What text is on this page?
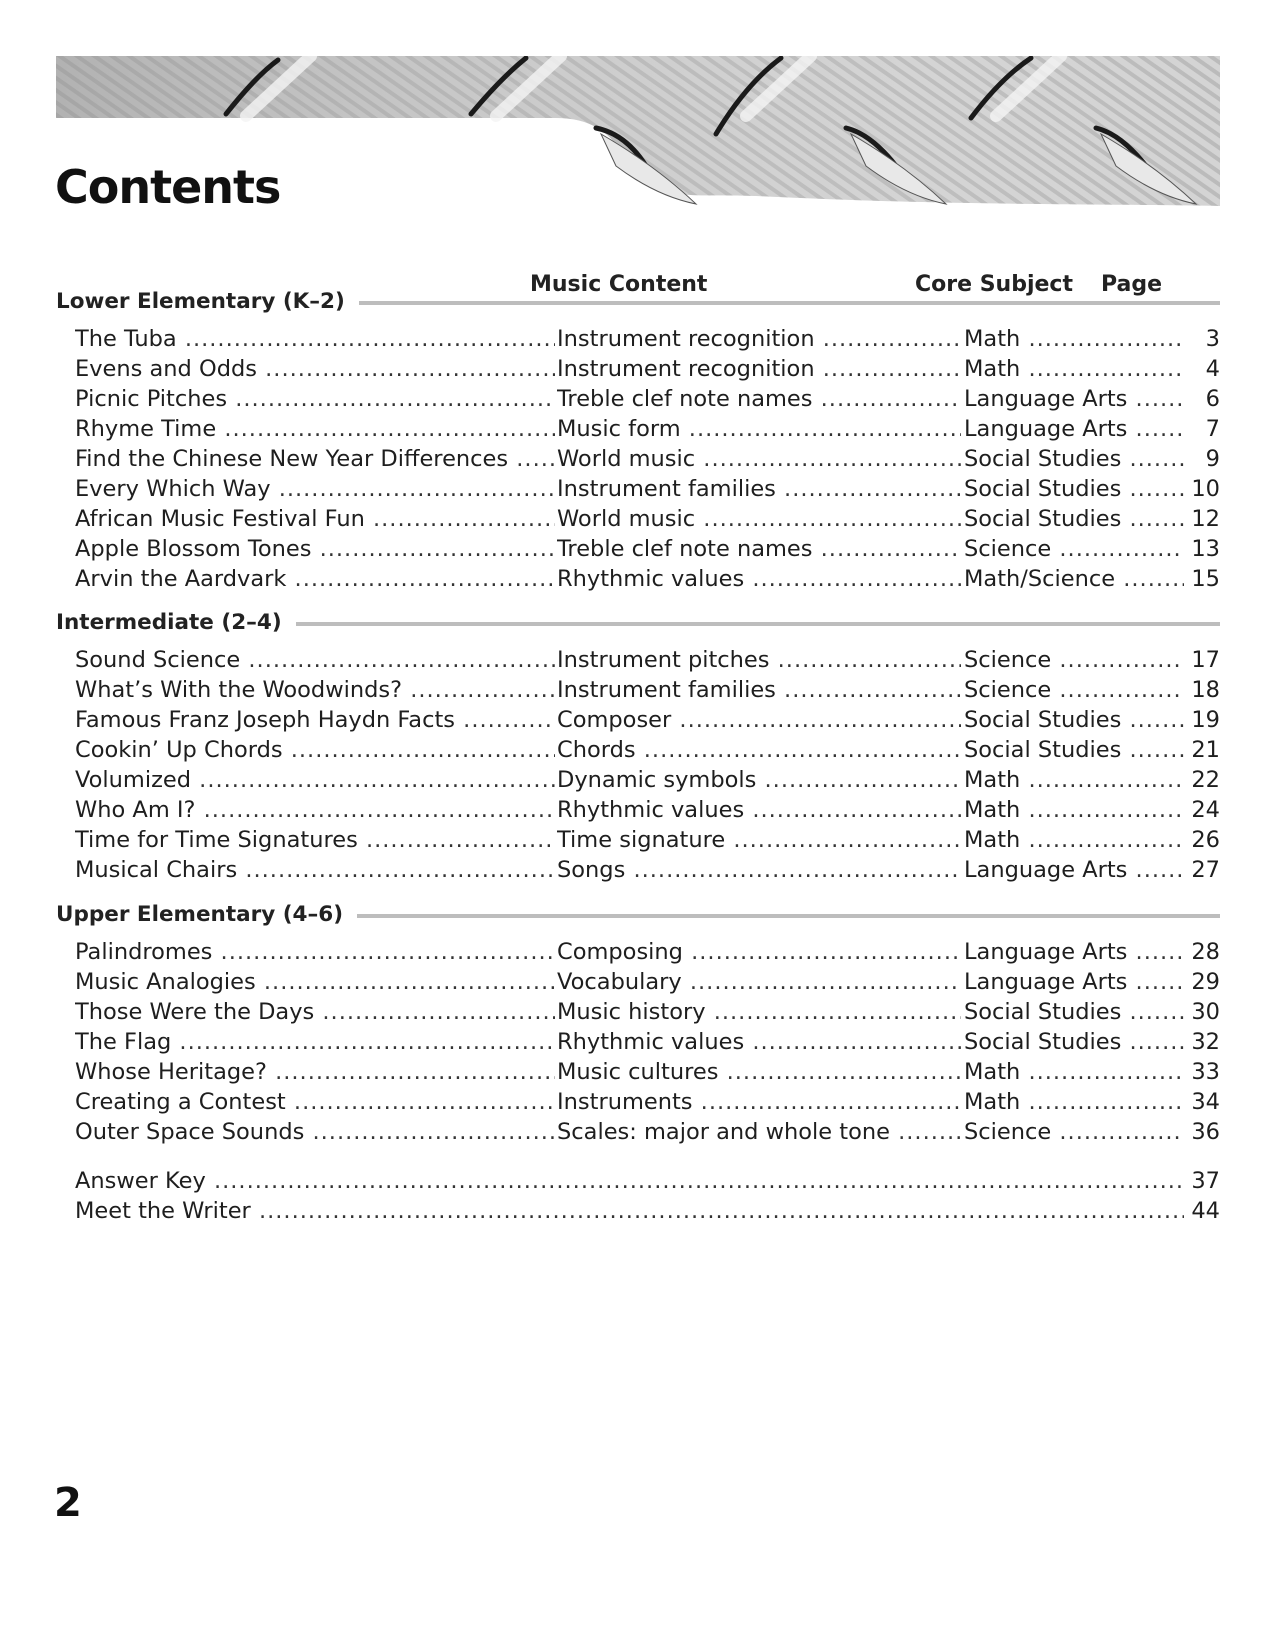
Contents
Music Content	Core Subject Page
Lower Elementary (K–2)
The Tuba .....	Instrument recognition .....	Math .....	3
Evens and Odds .....	Instrument recognition .....	Math .....	4
Picnic Pitches .....	Treble clef note names .....	Language Arts .....	6
Rhyme Time .....	Music form .....	Language Arts .....	7
Find the Chinese New Year Differences .....	World music .....	Social Studies .....	9
Every Which Way .....	Instrument families .....	Social Studies .....	10
African Music Festival Fun .....	World music .....	Social Studies .....	12
Apple Blossom Tones .....	Treble clef note names .....	Science .....	13
Arvin the Aardvark .....	Rhythmic values .....	Math/Science .....	15
Intermediate (2–4)
Sound Science .....	Instrument pitches .....	Science .....	17
What’s With the Woodwinds? .....	Instrument families .....	Science .....	18
Famous Franz Joseph Haydn Facts .....	Composer .....	Social Studies .....	19
Cookin’ Up Chords .....	Chords .....	Social Studies .....	21
Volumized .....	Dynamic symbols .....	Math .....	22
Who Am I? .....	Rhythmic values .....	Math .....	24
Time for Time Signatures .....	Time signature .....	Math .....	26
Musical Chairs .....	Songs .....	Language Arts .....	27
Upper Elementary (4–6)
Palindromes .....	Composing .....	Language Arts .....	28
Music Analogies .....	Vocabulary .....	Language Arts .....	29
Those Were the Days .....	Music history .....	Social Studies .....	30
The Flag .....	Rhythmic values .....	Social Studies .....	32
Whose Heritage? .....	Music cultures .....	Math .....	33
Creating a Contest .....	Instruments .....	Math .....	34
Outer Space Sounds .....	Scales: major and whole tone .....	Science .....	36
Answer Key .....	37
Meet the Writer .....	44
2
